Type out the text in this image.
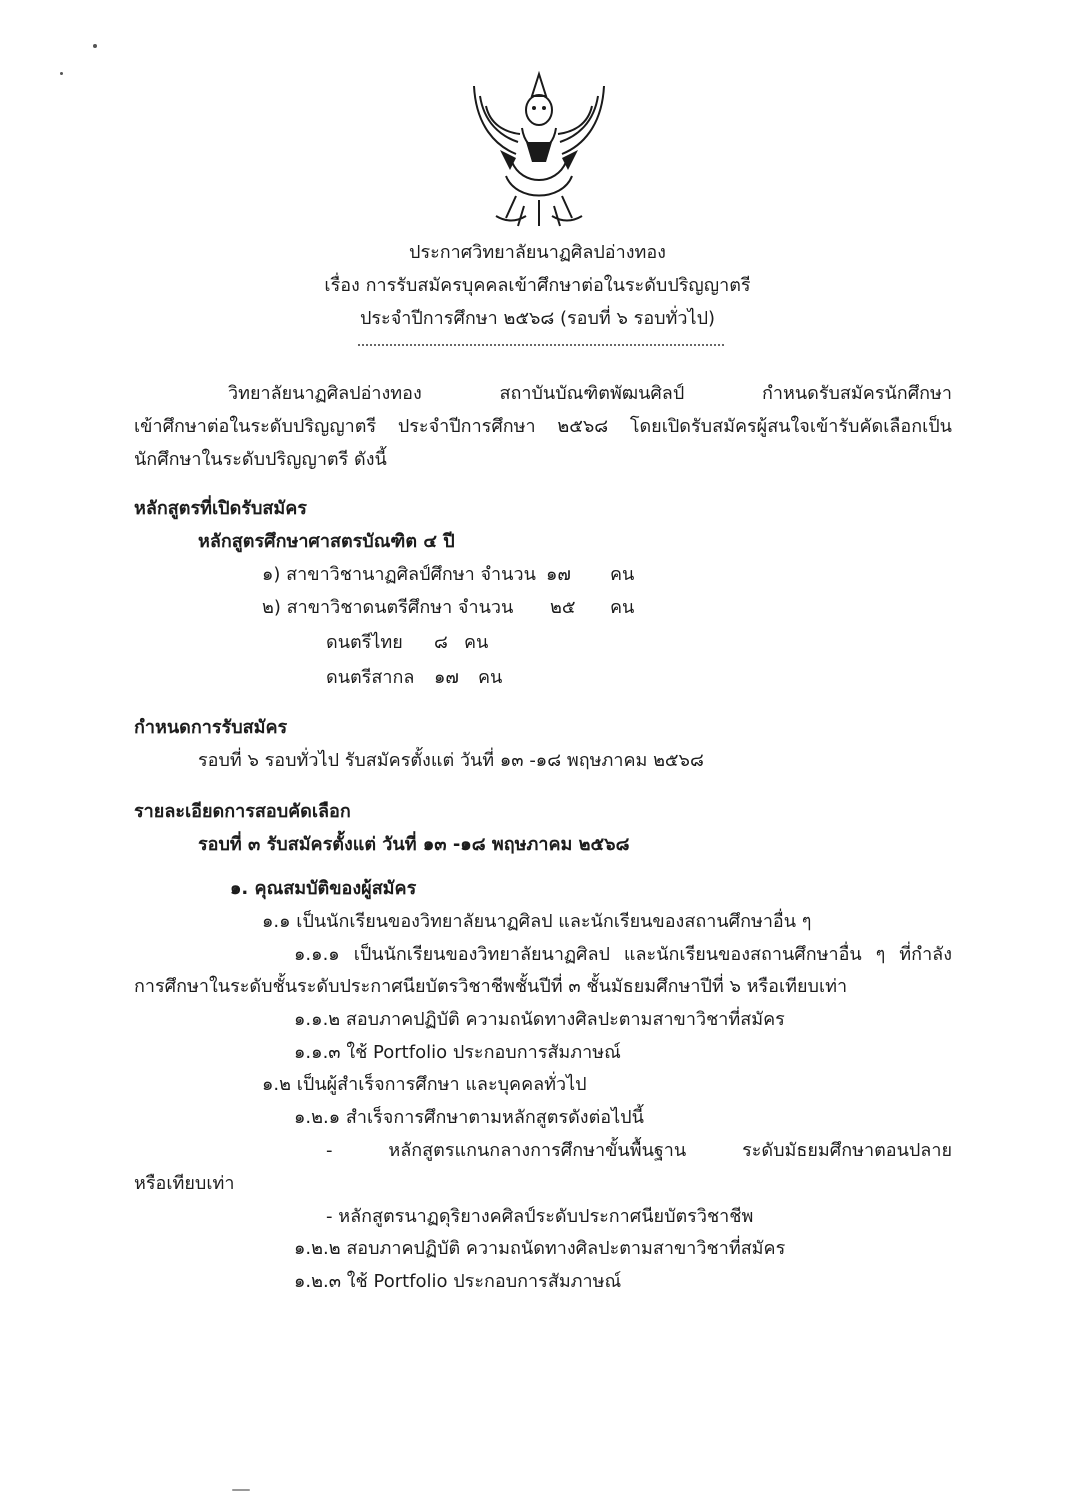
ประกาศวิทยาลัยนาฏศิลปอ่างทอง
เรื่อง การรับสมัครบุคคลเข้าศึกษาต่อในระดับปริญญาตรี
ประจำปีการศึกษา ๒๕๖๘ (รอบที่ ๖ รอบทั่วไป)
วิทยาลัยนาฏศิลปอ่างทอง สถาบันบัณฑิตพัฒนศิลป์ กำหนดรับสมัครนักศึกษา
เข้าศึกษาต่อในระดับปริญญาตรี ประจำปีการศึกษา ๒๕๖๘ โดยเปิดรับสมัครผู้สนใจเข้ารับคัดเลือกเป็น
นักศึกษาในระดับปริญญาตรี ดังนี้
หลักสูตรที่เปิดรับสมัคร
หลักสูตรศึกษาศาสตรบัณฑิต ๔ ปี
๑) สาขาวิชานาฏศิลป์ศึกษา จำนวน ๑๗ คน
๒) สาขาวิชาดนตรีศึกษา จำนวน ๒๕ คน
ดนตรีไทย ๘ คน
ดนตรีสากล ๑๗ คน
กำหนดการรับสมัคร
รอบที่ ๖ รอบทั่วไป รับสมัครตั้งแต่ วันที่ ๑๓ -๑๘ พฤษภาคม ๒๕๖๘
รายละเอียดการสอบคัดเลือก
รอบที่ ๓ รับสมัครตั้งแต่ วันที่ ๑๓ -๑๘ พฤษภาคม ๒๕๖๘
๑. คุณสมบัติของผู้สมัคร
๑.๑ เป็นนักเรียนของวิทยาลัยนาฏศิลป และนักเรียนของสถานศึกษาอื่น ๆ
๑.๑.๑ เป็นนักเรียนของวิทยาลัยนาฏศิลป และนักเรียนของสถานศึกษาอื่น ๆ ที่กำลัง
การศึกษาในระดับชั้นระดับประกาศนียบัตรวิชาชีพชั้นปีที่ ๓ ชั้นมัธยมศึกษาปีที่ ๖ หรือเทียบเท่า
๑.๑.๒ สอบภาคปฏิบัติ ความถนัดทางศิลปะตามสาขาวิชาที่สมัคร
๑.๑.๓ ใช้ Portfolio ประกอบการสัมภาษณ์
๑.๒ เป็นผู้สำเร็จการศึกษา และบุคคลทั่วไป
๑.๒.๑ สำเร็จการศึกษาตามหลักสูตรดังต่อไปนี้
- หลักสูตรแกนกลางการศึกษาขั้นพื้นฐาน ระดับมัธยมศึกษาตอนปลาย
หรือเทียบเท่า
- หลักสูตรนาฏดุริยางคศิลป์ระดับประกาศนียบัตรวิชาชีพ
๑.๒.๒ สอบภาคปฏิบัติ ความถนัดทางศิลปะตามสาขาวิชาที่สมัคร
๑.๒.๓ ใช้ Portfolio ประกอบการสัมภาษณ์
